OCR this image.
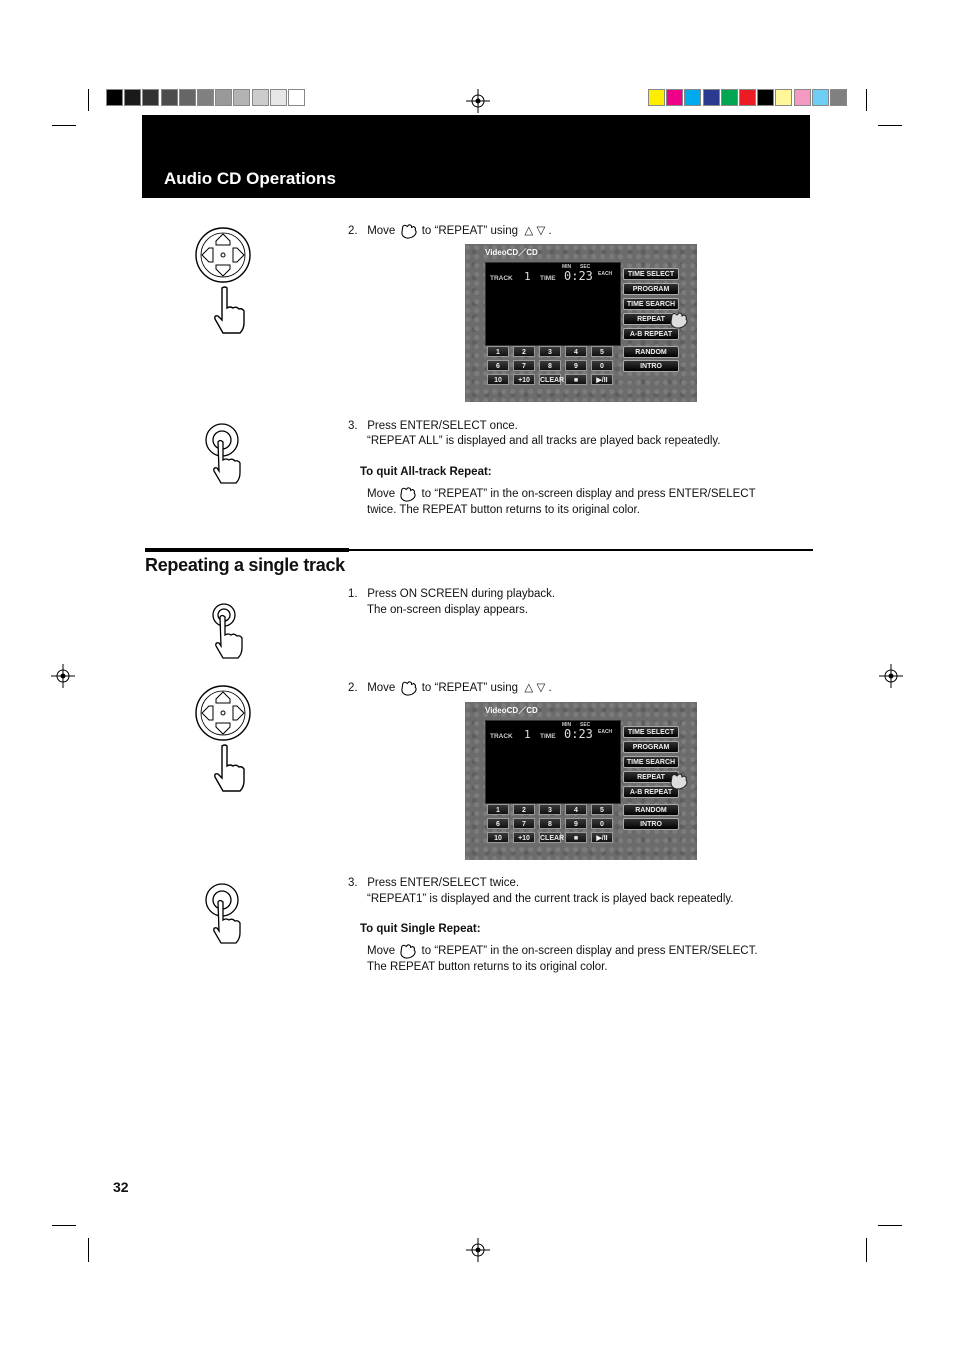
Audio CD Operations
2. Move to “REPEAT” using △ ▽ .
VideoCD／CD
TRACK 1 TIME
MIN SEC
EACH
0:23	TIME SELECT
PROGRAM
TIME SEARCH
REPEAT
A-B REPEAT
RANDOM
INTRO
1	2	3	4	5
6	7	8	9	0
10	+10	CLEAR	■	▶/II
3. Press ENTER/SELECT once.
“REPEAT ALL” is displayed and all tracks are played back repeatedly.
To quit All-track Repeat:
Move to “REPEAT” in the on-screen display and press ENTER/SELECT
twice. The REPEAT button returns to its original color.
Repeating a single track
1. Press ON SCREEN during playback.
The on-screen display appears.
2. Move to “REPEAT” using △ ▽ .
VideoCD／CD
TRACK 1 TIME
MIN SEC
EACH
0:23	TIME SELECT
PROGRAM
TIME SEARCH
REPEAT
A-B REPEAT
RANDOM
INTRO
1	2	3	4	5
6	7	8	9	0
10	+10	CLEAR	■	▶/II
3. Press ENTER/SELECT twice.
“REPEAT1” is displayed and the current track is played back repeatedly.
To quit Single Repeat:
Move to “REPEAT” in the on-screen display and press ENTER/SELECT.
The REPEAT button returns to its original color.
32
